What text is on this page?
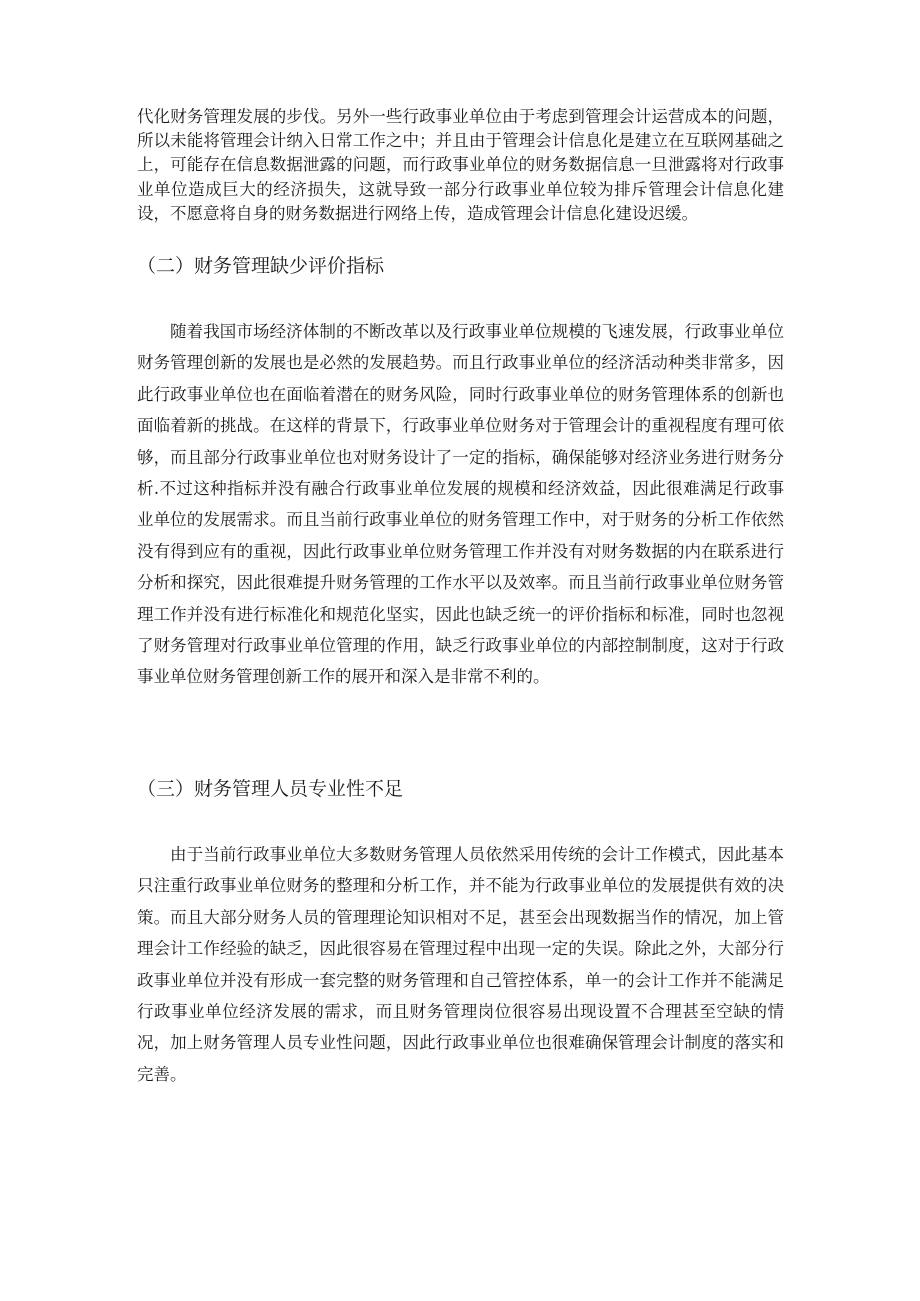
代化财务管理发展的步伐。另外一些行政事业单位由于考虑到管理会计运营成本的问题，所以未能将管理会计纳入日常工作之中；并且由于管理会计信息化是建立在互联网基础之上，可能存在信息数据泄露的问题，而行政事业单位的财务数据信息一旦泄露将对行政事业单位造成巨大的经济损失，这就导致一部分行政事业单位较为排斥管理会计信息化建设，不愿意将自身的财务数据进行网络上传，造成管理会计信息化建设迟缓。

（二）财务管理缺少评价指标

随着我国市场经济体制的不断改革以及行政事业单位规模的飞速发展，行政事业单位财务管理创新的发展也是必然的发展趋势。而且行政事业单位的经济活动种类非常多，因此行政事业单位也在面临着潜在的财务风险，同时行政事业单位的财务管理体系的创新也面临着新的挑战。在这样的背景下，行政事业单位财务对于管理会计的重视程度有理可依够，而且部分行政事业单位也对财务设计了一定的指标，确保能够对经济业务进行财务分析.不过这种指标并没有融合行政事业单位发展的规模和经济效益，因此很难满足行政事业单位的发展需求。而且当前行政事业单位的财务管理工作中，对于财务的分析工作依然没有得到应有的重视，因此行政事业单位财务管理工作并没有对财务数据的内在联系进行分析和探究，因此很难提升财务管理的工作水平以及效率。而且当前行政事业单位财务管理工作并没有进行标准化和规范化坚实，因此也缺乏统一的评价指标和标准，同时也忽视了财务管理对行政事业单位管理的作用，缺乏行政事业单位的内部控制制度，这对于行政事业单位财务管理创新工作的展开和深入是非常不利的。

（三）财务管理人员专业性不足

由于当前行政事业单位大多数财务管理人员依然采用传统的会计工作模式，因此基本只注重行政事业单位财务的整理和分析工作，并不能为行政事业单位的发展提供有效的决策。而且大部分财务人员的管理理论知识相对不足，甚至会出现数据当作的情况，加上管理会计工作经验的缺乏，因此很容易在管理过程中出现一定的失误。除此之外，大部分行政事业单位并没有形成一套完整的财务管理和自己管控体系，单一的会计工作并不能满足行政事业单位经济发展的需求，而且财务管理岗位很容易出现设置不合理甚至空缺的情况，加上财务管理人员专业性问题，因此行政事业单位也很难确保管理会计制度的落实和完善。
